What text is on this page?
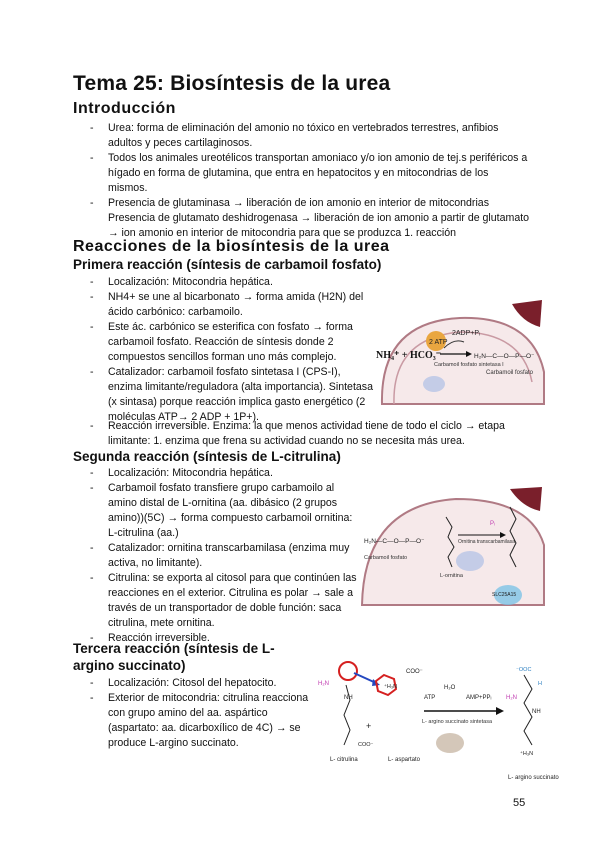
Tema 25: Biosíntesis de la urea
Introducción
- Urea: forma de eliminación del amonio no tóxico en vertebrados terrestres, anfibios adultos y peces cartilaginosos.
- Todos los animales ureotélicos transportan amoniaco y/o ion amonio de tej.s periféricos a hígado en forma de glutamina, que entra en hepatocitos y en mitocondrias de los mismos.
- Presencia de glutaminasa → liberación de ion amonio en interior de mitocondrias Presencia de glutamato deshidrogenasa → liberación de ion amonio a partir de glutamato → ion amonio en interior de mitocondria para que se produzca 1. reacción
Reacciones de la biosíntesis de la urea
Primera reacción (síntesis de carbamoil fosfato)
- Localización: Mitocondria hepática.
- NH4+ se une al bicarbonato → forma amida (H2N) del ácido carbónico: carbamoilo.
- Este ác. carbónico se esterifica con fosfato → forma carbamoil fosfato. Reacción de síntesis donde 2 compuestos sencillos forman uno más complejo.
- Catalizador: carbamoil fosfato sintetasa I (CPS-I), enzima limitante/reguladora (alta importancia). Sintetasa (x sintasa) porque reacción implica gasto energético (2 moléculas ATP→ 2 ADP + 1P+).
- Reacción irreversible. Enzima: la que menos actividad tiene de todo el ciclo → etapa limitante: 1. enzima que frena su actividad cuando no se necesita más urea.
2 ATP
2ADP+Pᵢ
NH₄⁺ + HCO₃⁻	H₂N—C—O—P—O⁻
Carbamoil fosfato sintetasa I
Carbamoil fosfato
Segunda reacción (síntesis de L-citrulina)
- Localización: Mitocondria hepática.
- Carbamoil fosfato transfiere grupo carbamoilo al amino distal de L-ornitina (aa. dibásico (2 grupos amino))(5C) → forma compuesto carbamoil ornitina: L-citrulina (aa.)
- Catalizador: ornitina transcarbamilasa (enzima muy activa, no limitante).
- Citrulina: se exporta al citosol para que continúen las reacciones en el exterior. Citrulina es polar → sale a través de un transportador de doble función: saca citrulina, mete ornitina.
- Reacción irreversible.
H₂N—C—O—P—O⁻
Carbamoil fosfato
L-ornitina
Pᵢ
Ornitina transcarbamilasa
SLC25A15
Tercera reacción (síntesis de L-argino succinato)
- Localización: Citosol del hepatocito.
- Exterior de mitocondria: citrulina reacciona con grupo amino del aa. aspártico (aspartato: aa. dicarboxílico de 4C) → se produce L-argino succinato.
H₂N	⁺H₃N
COO⁻
NH
+
COO⁻
L- citrulina	L- aspartato
ATP
H₂O
AMP+PPᵢ
L- argino succinato sintetasa
⁻OOC
H
H₂N
NH
⁺H₃N
L- argino succinato
55
